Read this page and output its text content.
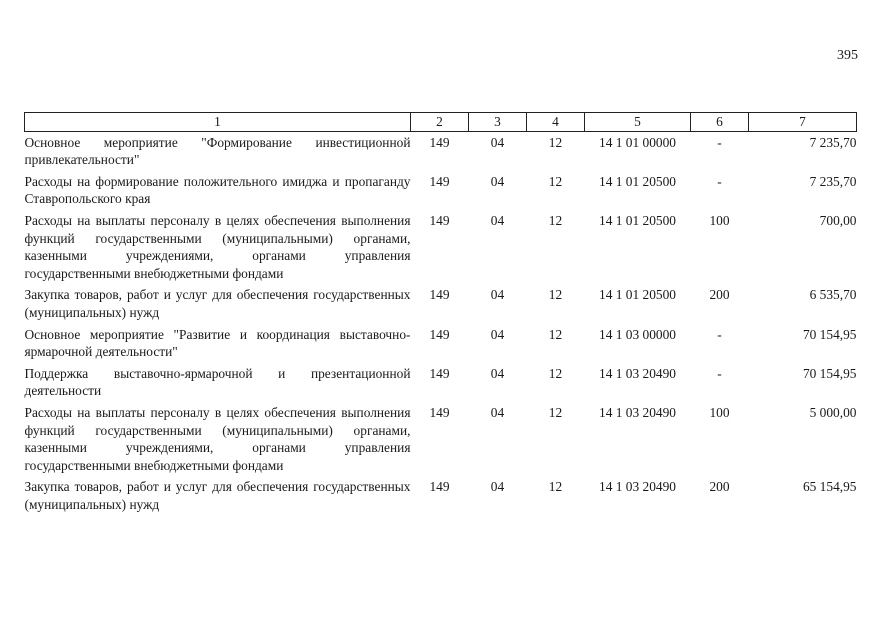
395
1	2	3	4	5	6	7
Основное мероприятие "Формирование инвестиционной привлекательности"	149	04	12	14 1 01 00000	-	7 235,70
Расходы на формирование положительного имиджа и пропаганду Ставропольского края	149	04	12	14 1 01 20500	-	7 235,70
Расходы на выплаты персоналу в целях обеспечения выполнения функций государственными (муниципальными) органами, казенными учреждениями, органами управления государственными внебюджетными фондами	149	04	12	14 1 01 20500	100	700,00
Закупка товаров, работ и услуг для обеспечения государственных (муниципальных) нужд	149	04	12	14 1 01 20500	200	6 535,70
Основное мероприятие "Развитие и координация выставочно-ярмарочной деятельности"	149	04	12	14 1 03 00000	-	70 154,95
Поддержка выставочно-ярмарочной и презентационной деятельности	149	04	12	14 1 03 20490	-	70 154,95
Расходы на выплаты персоналу в целях обеспечения выполнения функций государственными (муниципальными) органами, казенными учреждениями, органами управления государственными внебюджетными фондами	149	04	12	14 1 03 20490	100	5 000,00
Закупка товаров, работ и услуг для обеспечения государственных (муниципальных) нужд	149	04	12	14 1 03 20490	200	65 154,95
